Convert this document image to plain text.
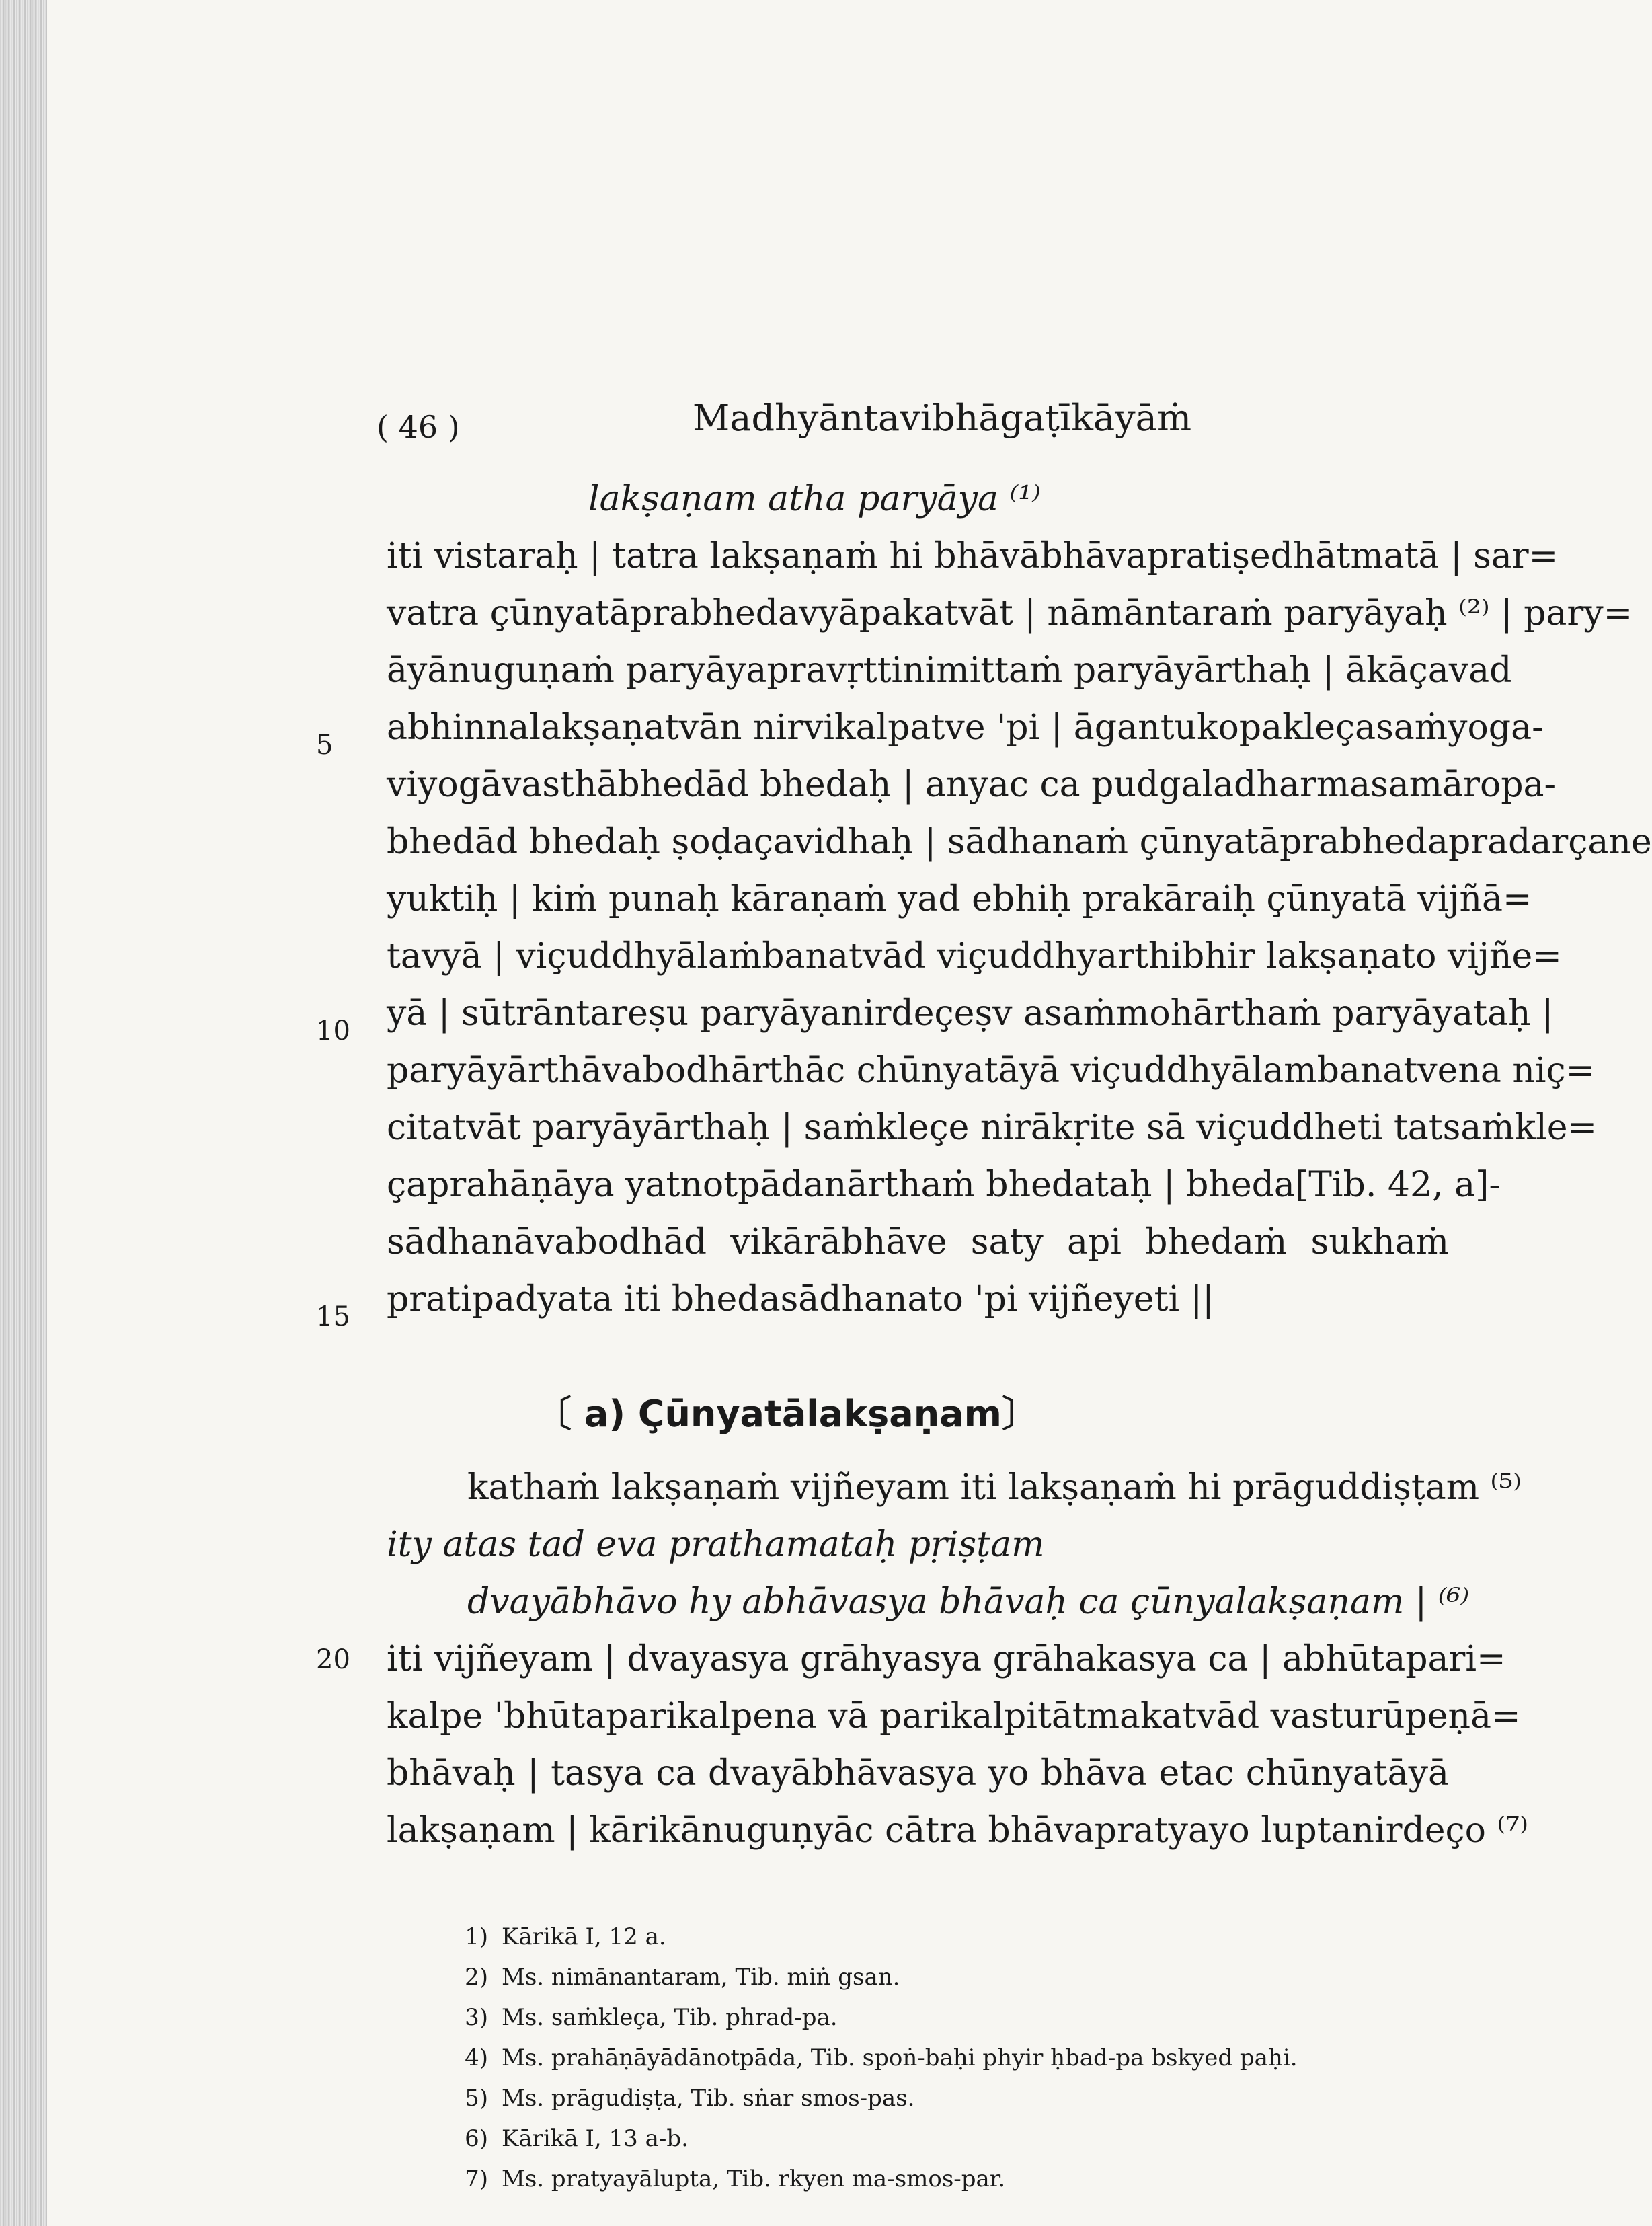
( 46 )	Madhyāntavibhāgaṭīkāyāṁ
lakṣaṇam atha paryāya ⁽¹⁾
iti vistaraḥ | tatra lakṣaṇaṁ hi bhāvābhāvapratiṣedhātmatā | sar=
vatra çūnyatāprabhedavyāpakatvāt | nāmāntaraṁ paryāyaḥ ⁽²⁾ | pary=
āyānuguṇaṁ paryāyapravṛttinimittaṁ paryāyārthaḥ | ākāçavad
abhinnalakṣaṇatvān nirvikalpatve 'pi | āgantukopakleçasaṁyoga-
viyogāvasthābhedād bhedaḥ | anyac ca pudgaladharmasamāropa-
bhedād bhedaḥ ṣoḍaçavidhaḥ | sādhanaṁ çūnyatāprabhedapradarçane
yuktiḥ | kiṁ punaḥ kāraṇaṁ yad ebhiḥ prakāraiḥ çūnyatā vijñā=
tavyā | viçuddhyālaṁbanatvād viçuddhyarthibhir lakṣaṇato vijñe=
yā | sūtrāntareṣu paryāyanirdeçeṣv asaṁmohārthaṁ paryāyataḥ |
paryāyārthāvabodhārthāc chūnyatāyā viçuddhyālambanatvena niç=
citatvāt paryāyārthaḥ | saṁkleçe nirākṛite sā viçuddheti tatsaṁkle=
çaprahāṇāya yatnotpādanārthaṁ bhedataḥ | bheda[Tib. 42, a]-
sādhanāvabodhād vikārābhāve saty api bhedaṁ sukhaṁ
pratipadyata iti bhedasādhanato 'pi vijñeyeti ||
5
10
15
20
〔 a) Çūnyatālakṣaṇam〕
kathaṁ lakṣaṇaṁ vijñeyam iti lakṣaṇaṁ hi prāguddiṣṭam ⁽⁵⁾
ity atas tad eva prathamataḥ pṛiṣṭam
dvayābhāvo hy abhāvasya bhāvaḥ ca çūnyalakṣaṇam | ⁽⁶⁾
iti vijñeyam | dvayasya grāhyasya grāhakasya ca | abhūtapari=
kalpe 'bhūtaparikalpena vā parikalpitātmakatvād vasturūpeṇā=
bhāvaḥ | tasya ca dvayābhāvasya yo bhāva etac chūnyatāyā
lakṣaṇam | kārikānuguṇyāc cātra bhāvapratyayo luptanirdeço ⁽⁷⁾
1) Kārikā I, 12 a.
2) Ms. nimānantaram, Tib. miṅ gsan.
3) Ms. saṁkleça, Tib. phrad-pa.
4) Ms. prahāṇāyādānotpāda, Tib. spoṅ-baḥi phyir ḥbad-pa bskyed paḥi.
5) Ms. prāgudiṣṭa, Tib. sṅar smos-pas.
6) Kārikā I, 13 a-b.
7) Ms. pratyayālupta, Tib. rkyen ma-smos-par.
